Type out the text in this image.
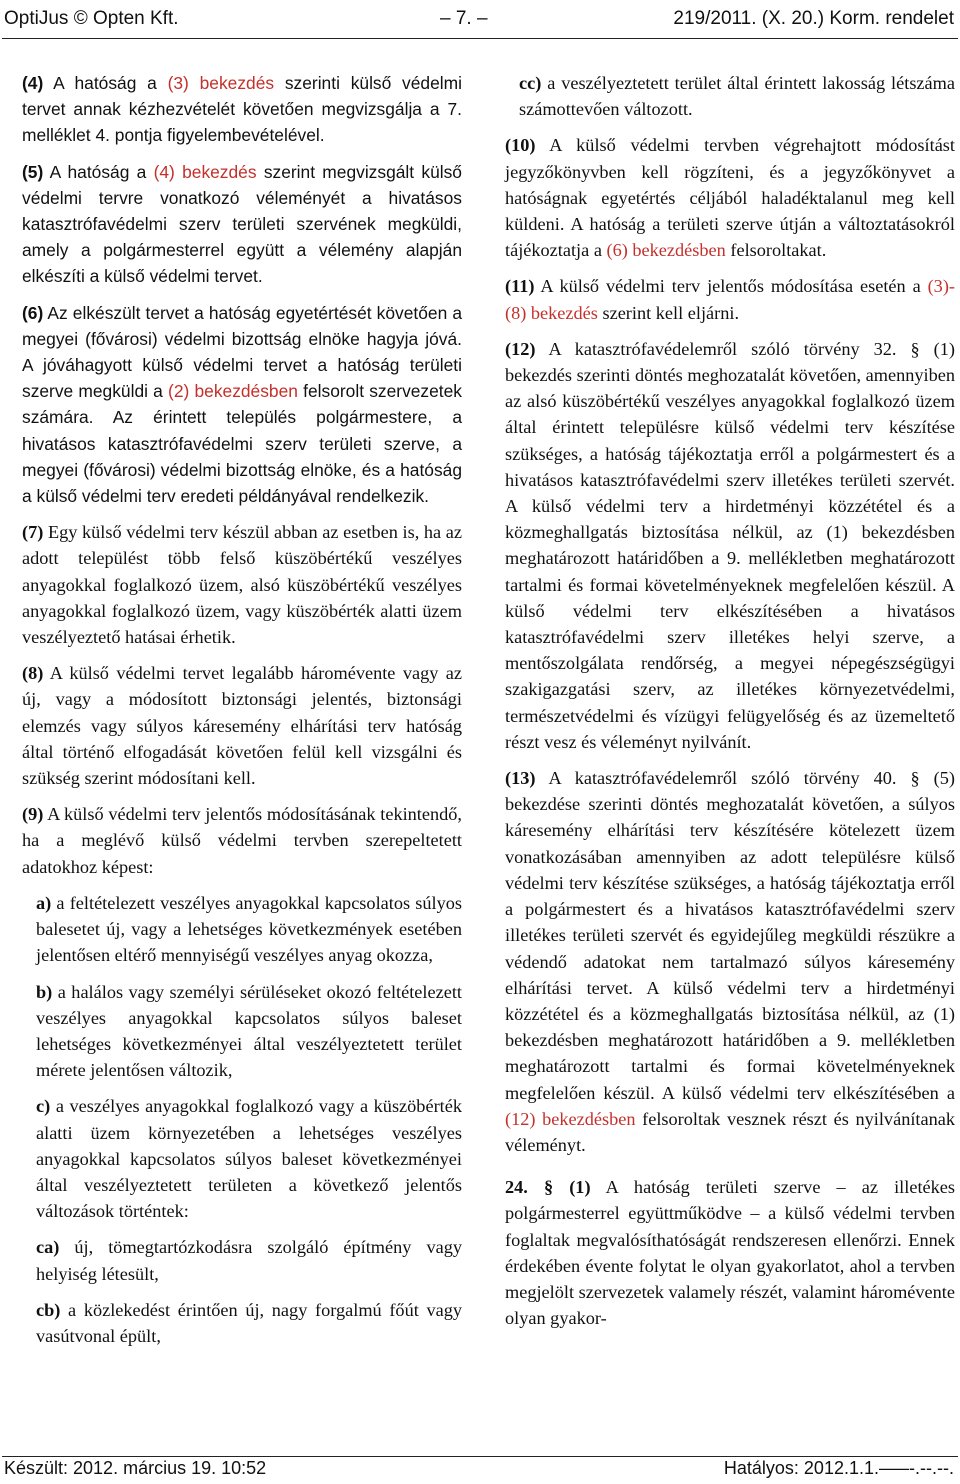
OptiJus © Opten Kft.	– 7. –	219/2011. (X. 20.) Korm. rendelet

(4) A hatóság a (3) bekezdés szerinti külső védelmi tervet annak kézhezvételét követően megvizsgálja a 7. melléklet 4. pontja figyelembevételével.

(5) A hatóság a (4) bekezdés szerint megvizsgált külső védelmi tervre vonatkozó véleményét a hivatásos katasztrófavédelmi szerv területi szervének megküldi, amely a polgármesterrel együtt a vélemény alapján elkészíti a külső védelmi tervet.

(6) Az elkészült tervet a hatóság egyetértését követően a megyei (fővárosi) védelmi bizottság elnöke hagyja jóvá. A jóváhagyott külső védelmi tervet a hatóság területi szerve megküldi a (2) bekezdésben felsorolt szervezetek számára. Az érintett település polgármestere, a hivatásos katasztrófavédelmi szerv területi szerve, a megyei (fővárosi) védelmi bizottság elnöke, és a hatóság a külső védelmi terv eredeti példányával rendelkezik.

(7) Egy külső védelmi terv készül abban az esetben is, ha az adott települést több felső küszöbértékű veszélyes anyagokkal foglalkozó üzem, alsó küszöbértékű veszélyes anyagokkal foglalkozó üzem, vagy küszöbérték alatti üzem veszélyeztető hatásai érhetik.

(8) A külső védelmi tervet legalább háromévente vagy az új, vagy a módosított biztonsági jelentés, biztonsági elemzés vagy súlyos káresemény elhárítási terv hatóság által történő elfogadását követően felül kell vizsgálni és szükség szerint módosítani kell.

(9) A külső védelmi terv jelentős módosításának tekintendő, ha a meglévő külső védelmi tervben szerepeltetett adatokhoz képest:

a) a feltételezett veszélyes anyagokkal kapcsolatos súlyos balesetet új, vagy a lehetséges következmények esetében jelentősen eltérő mennyiségű veszélyes anyag okozza,

b) a halálos vagy személyi sérüléseket okozó feltételezett veszélyes anyagokkal kapcsolatos súlyos baleset lehetséges következményei által veszélyeztetett terület mérete jelentősen változik,

c) a veszélyes anyagokkal foglalkozó vagy a küszöbérték alatti üzem környezetében a lehetséges veszélyes anyagokkal kapcsolatos súlyos baleset következményei által veszélyeztetett területen a következő jelentős változások történtek:

ca) új, tömegtartózkodásra szolgáló építmény vagy helyiség létesült,

cb) a közlekedést érintően új, nagy forgalmú főút vagy vasútvonal épült,

cc) a veszélyeztetett terület által érintett lakosság létszáma számottevően változott.

(10) A külső védelmi tervben végrehajtott módosítást jegyzőkönyvben kell rögzíteni, és a jegyzőkönyvet a hatóságnak egyetértés céljából haladéktalanul meg kell küldeni. A hatóság a területi szerve útján a változtatásokról tájékoztatja a (6) bekezdésben felsoroltakat.

(11) A külső védelmi terv jelentős módosítása esetén a (3)-(8) bekezdés szerint kell eljárni.

(12) A katasztrófavédelemről szóló törvény 32. § (1) bekezdés szerinti döntés meghozatalát követően, amennyiben az alsó küszöbértékű veszélyes anyagokkal foglalkozó üzem által érintett településre külső védelmi terv készítése szükséges, a hatóság tájékoztatja erről a polgármestert és a hivatásos katasztrófavédelmi szerv illetékes területi szervét. A külső védelmi terv a hirdetményi közzététel és a közmeghallgatás biztosítása nélkül, az (1) bekezdésben meghatározott határidőben a 9. mellékletben meghatározott tartalmi és formai követelményeknek megfelelően készül. A külső védelmi terv elkészítésében a hivatásos katasztrófavédelmi szerv illetékes helyi szerve, a mentőszolgálata rendőrség, a megyei népegészségügyi szakigazgatási szerv, az illetékes környezetvédelmi, természetvédelmi és vízügyi felügyelőség és az üzemeltető részt vesz és véleményt nyilvánít.

(13) A katasztrófavédelemről szóló törvény 40. § (5) bekezdése szerinti döntés meghozatalát követően, a súlyos káresemény elhárítási terv készítésére kötelezett üzem vonatkozásában amennyiben az adott településre külső védelmi terv készítése szükséges, a hatóság tájékoztatja erről a polgármestert és a hivatásos katasztrófavédelmi szerv illetékes területi szervét és egyidejűleg megküldi részükre a védendő adatokat nem tartalmazó súlyos káresemény elhárítási tervet. A külső védelmi terv a hirdetményi közzététel és a közmeghallgatás biztosítása nélkül, az (1) bekezdésben meghatározott határidőben a 9. mellékletben meghatározott tartalmi és formai követelményeknek megfelelően készül. A külső védelmi terv elkészítésében a (12) bekezdésben felsoroltak vesznek részt és nyilvánítanak véleményt.

24. § (1) A hatóság területi szerve – az illetékes polgármesterrel együttműködve – a külső védelmi tervben foglaltak megvalósíthatóságát rendszeresen ellenőrzi. Ennek érdekében évente folytat le olyan gyakorlatot, ahol a tervben megjelölt szervezetek valamely részét, valamint háromévente olyan gyakor-

Készült: 2012. március 19. 10:52	Hatályos: 2012.1.1.–––-.--.--.
